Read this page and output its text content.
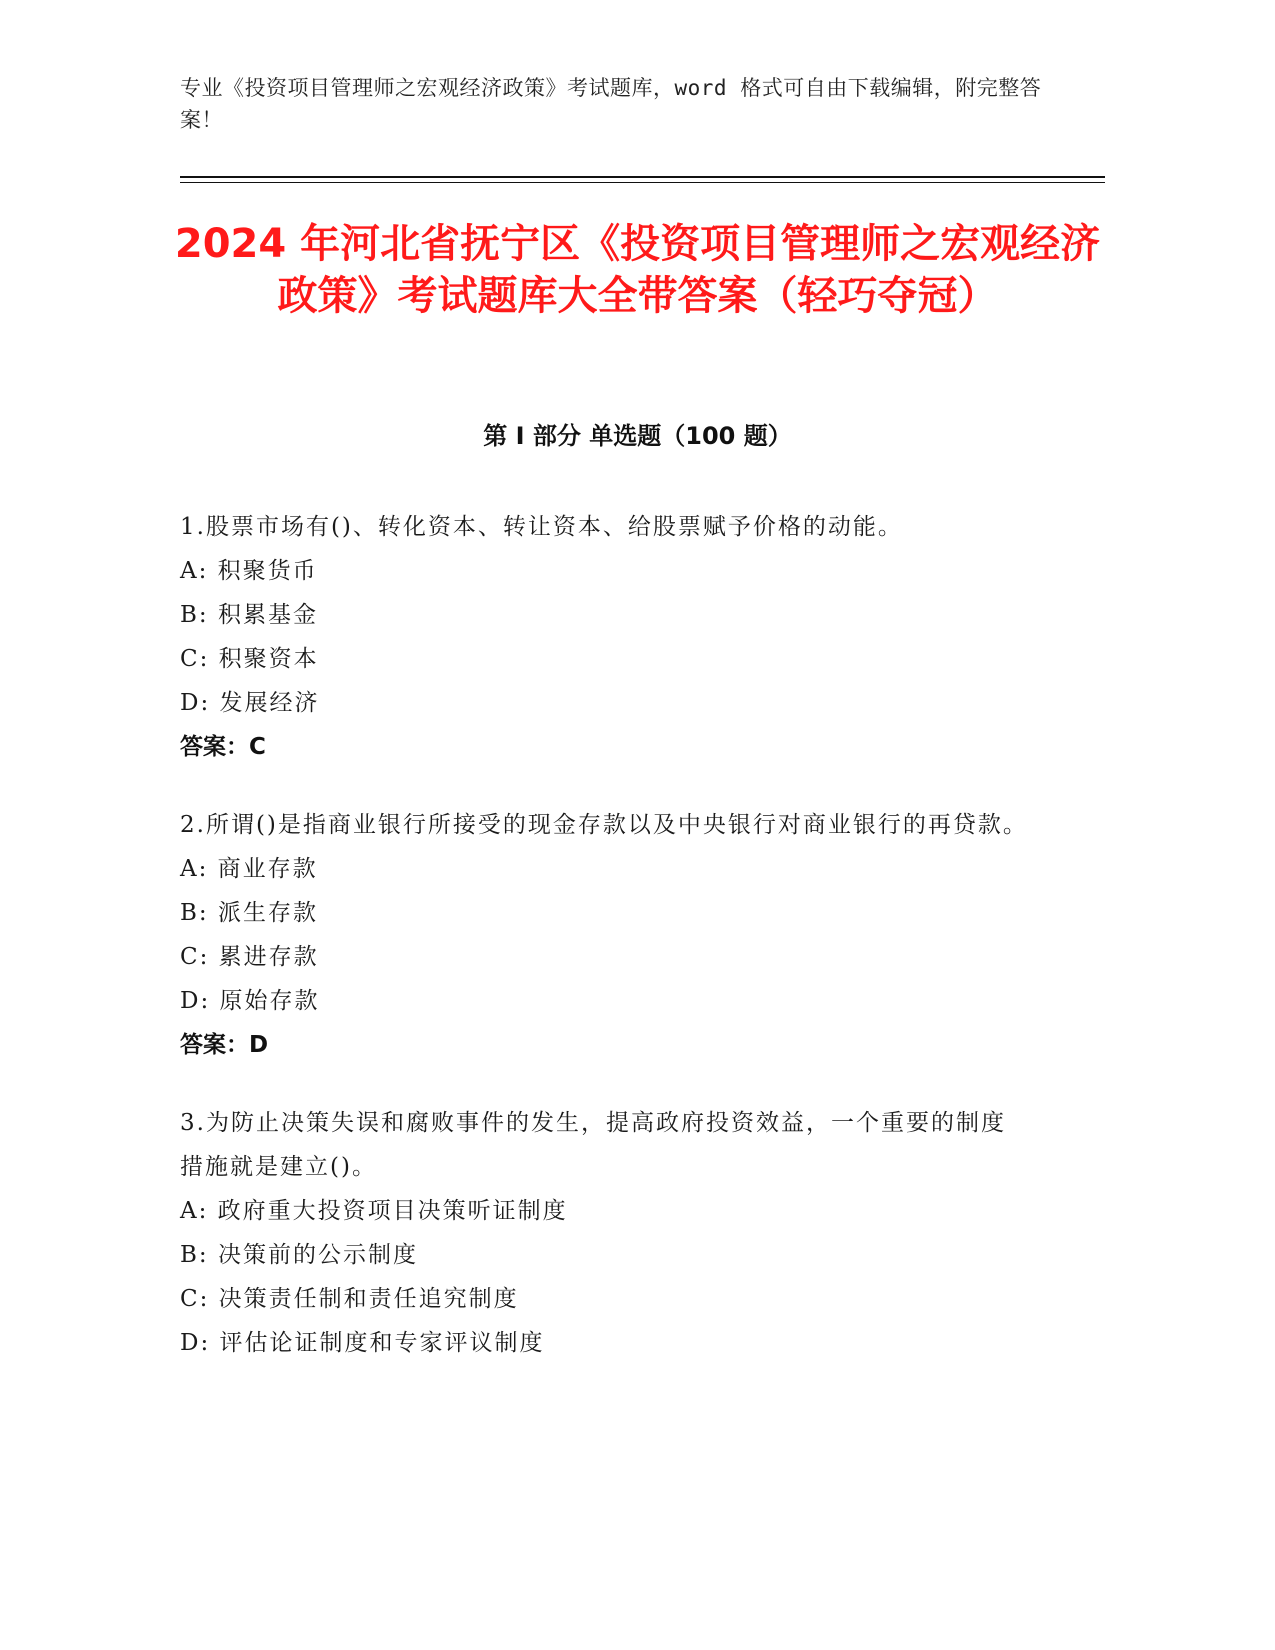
专业《投资项目管理师之宏观经济政策》考试题库，word 格式可自由下载编辑，附完整答案！
2024 年河北省抚宁区《投资项目管理师之宏观经济政策》考试题库大全带答案（轻巧夺冠）
第 I 部分 单选题（100 题）
1.股票市场有()、转化资本、转让资本、给股票赋予价格的动能。
A: 积聚货币
B: 积累基金
C: 积聚资本
D: 发展经济
答案：C
2.所谓()是指商业银行所接受的现金存款以及中央银行对商业银行的再贷款。
A: 商业存款
B: 派生存款
C: 累进存款
D: 原始存款
答案：D
3.为防止决策失误和腐败事件的发生，提高政府投资效益，一个重要的制度措施就是建立()。
A: 政府重大投资项目决策听证制度
B: 决策前的公示制度
C: 决策责任制和责任追究制度
D: 评估论证制度和专家评议制度
